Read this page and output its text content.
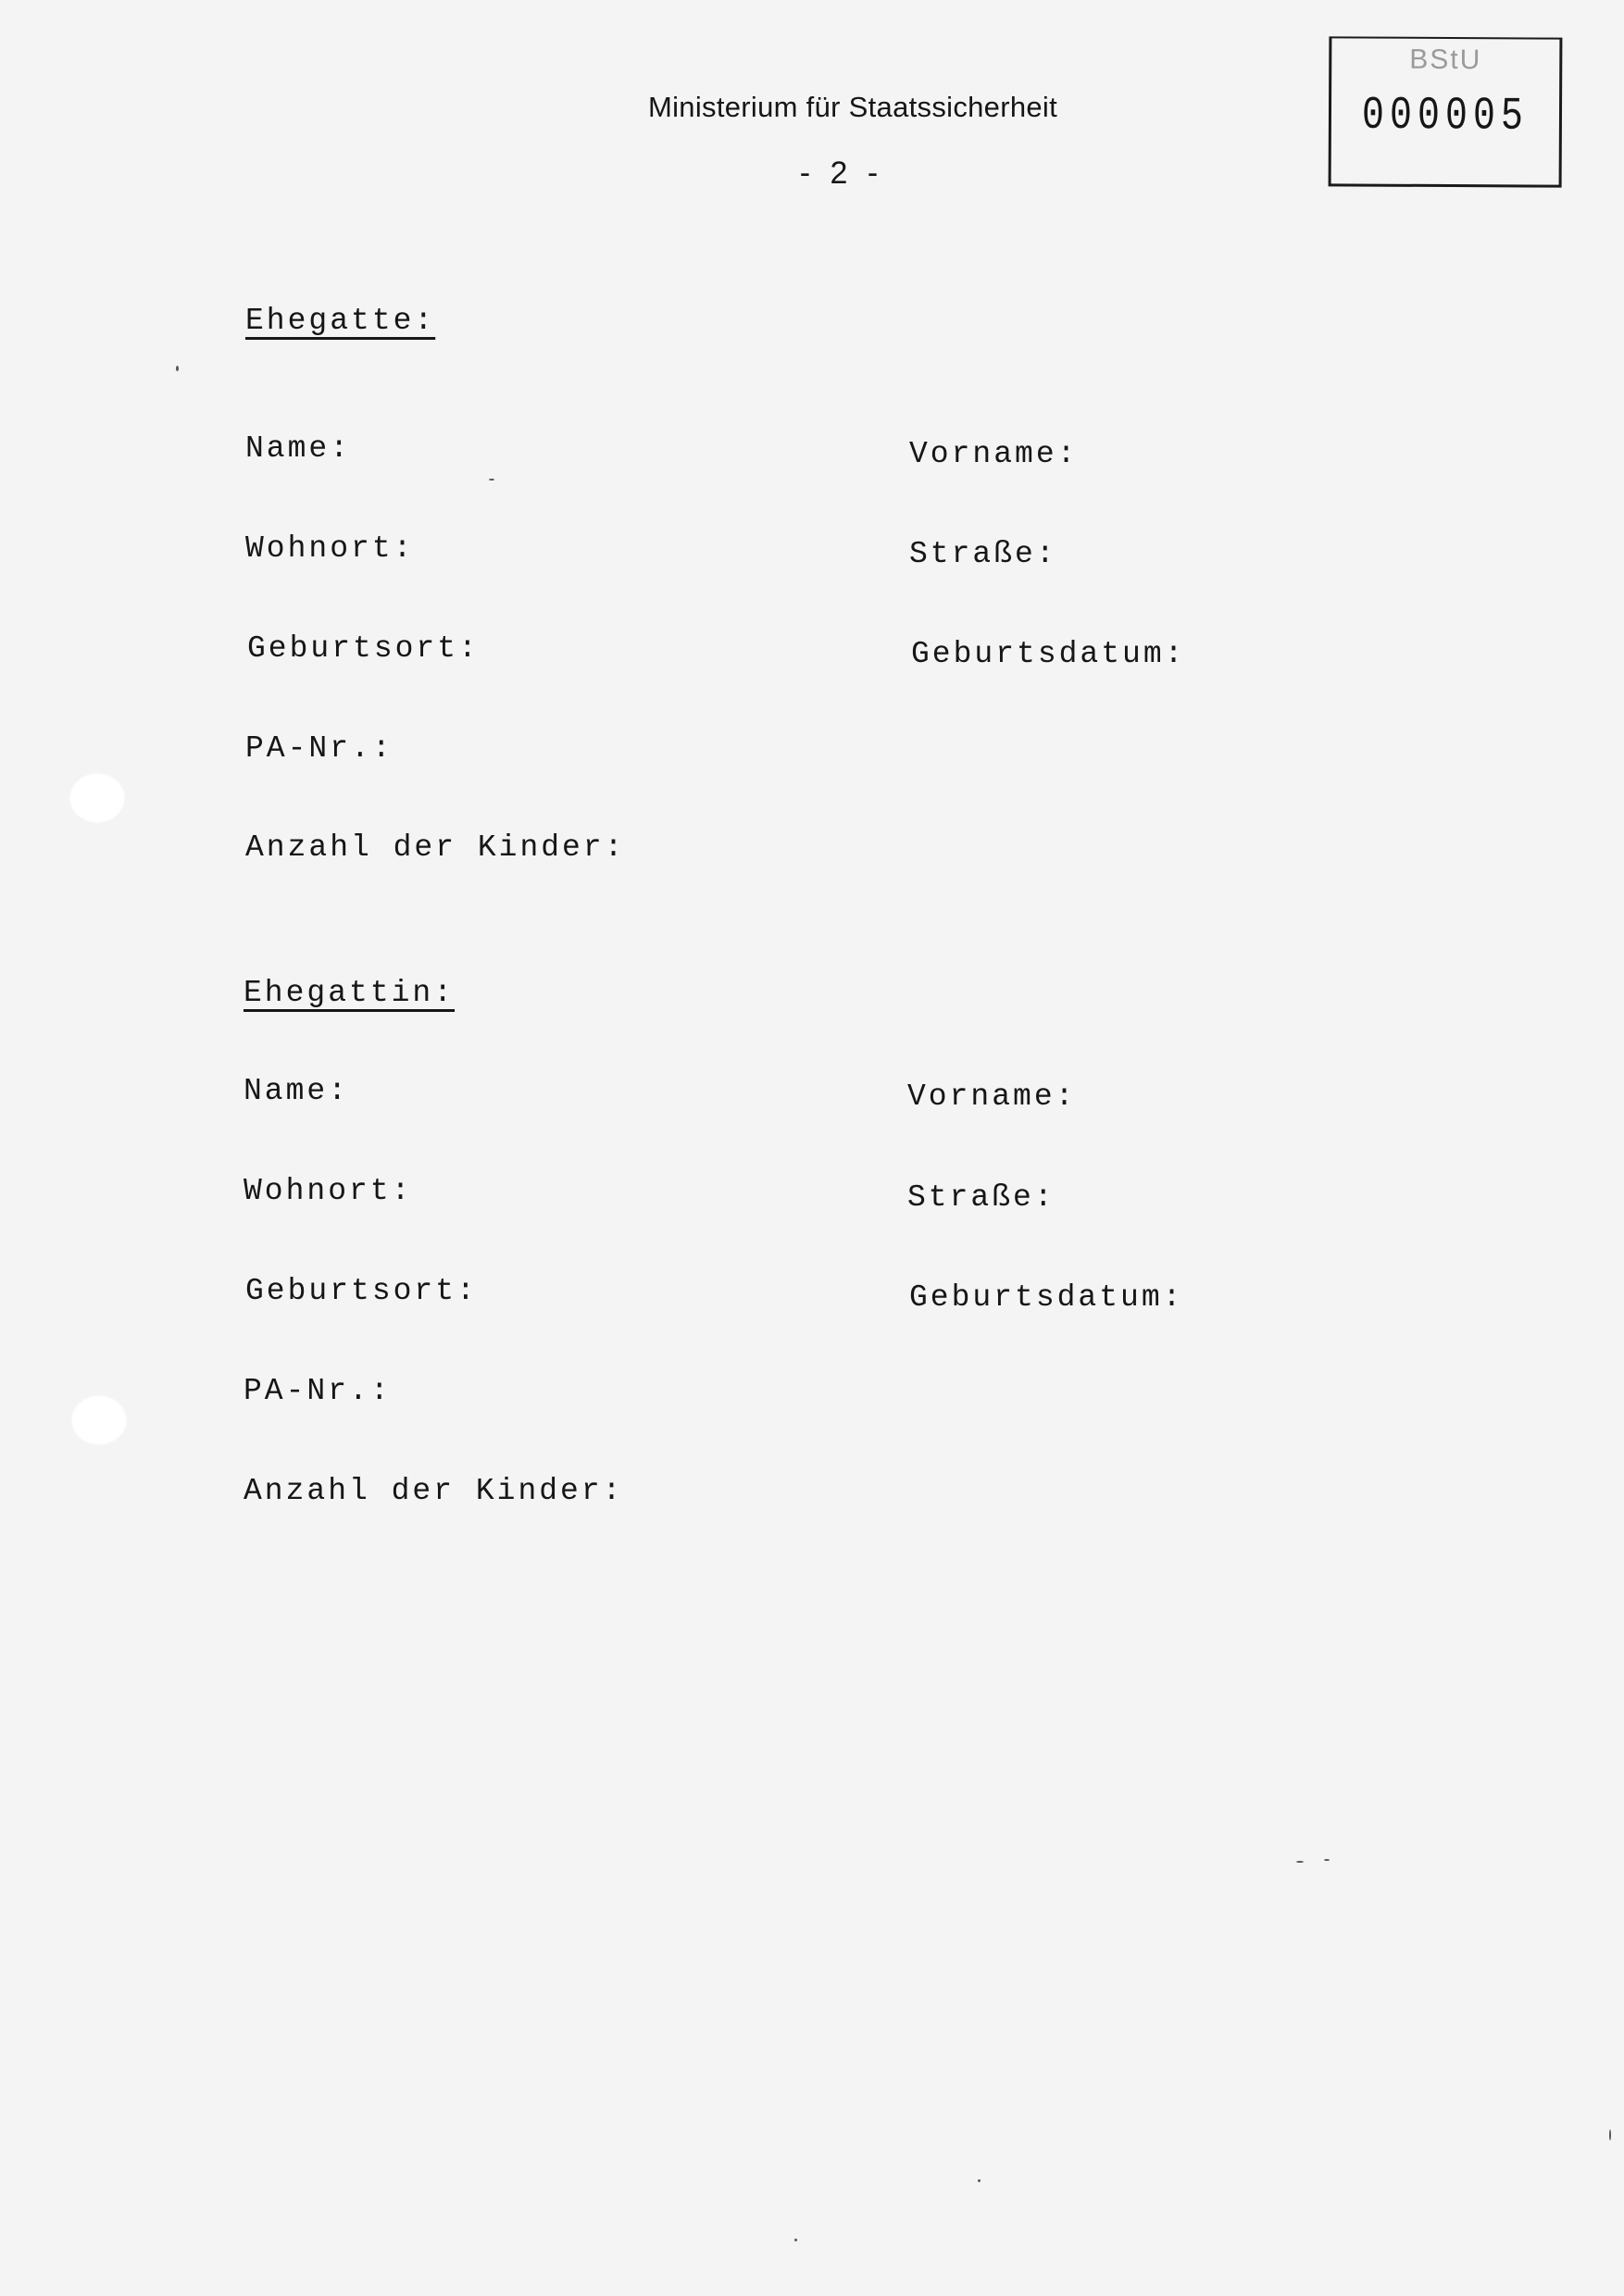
Ministerium für Staatssicherheit
- 2 -
BStU
000005
Ehegatte:
Name:	Vorname:
Wohnort:	Straße:
Geburtsort:	Geburtsdatum:
PA-Nr.:
Anzahl der Kinder:
Ehegattin:
Name:	Vorname:
Wohnort:	Straße:
Geburtsort:	Geburtsdatum:
PA-Nr.:
Anzahl der Kinder:
